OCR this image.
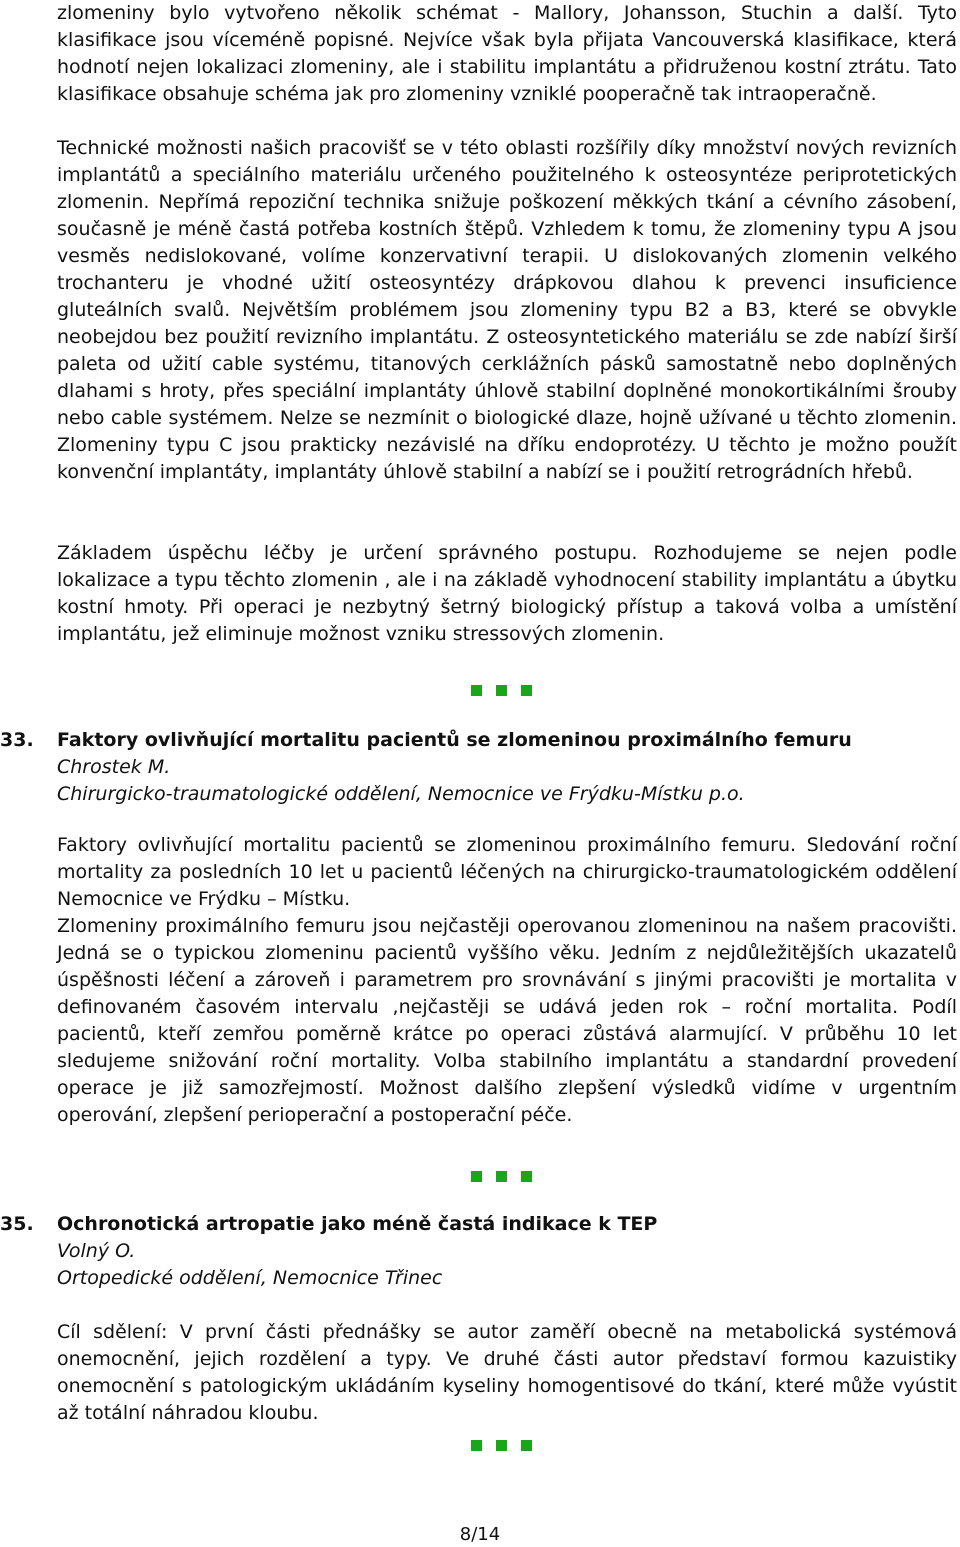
zlomeniny bylo vytvořeno několik schémat - Mallory, Johansson, Stuchin a další. Tyto klasifikace jsou víceméně popisné. Nejvíce však byla přijata Vancouverská klasifikace, která hodnotí nejen lokalizaci zlomeniny, ale i stabilitu implantátu a přidruženou kostní ztrátu. Tato klasifikace obsahuje schéma jak pro zlomeniny vzniklé pooperačně tak intraoperačně.
Technické možnosti našich pracovišť se v této oblasti rozšířily díky množství nových revizních implantátů a speciálního materiálu určeného použitelného k osteosyntéze periprotetických zlomenin. Nepřímá repoziční technika snižuje poškození měkkých tkání a cévního zásobení, současně je méně častá potřeba kostních štěpů. Vzhledem k tomu, že zlomeniny typu A jsou vesměs nedislokované, volíme konzervativní terapii. U dislokovaných zlomenin velkého trochanteru je vhodné užití osteosyntézy drápkovou dlahou k prevenci insuficience gluteálních svalů. Největším problémem jsou zlomeniny typu B2 a B3, které se obvykle neobejdou bez použití revizního implantátu. Z osteosyntetického materiálu se zde nabízí širší paleta od užití cable systému, titanových cerklážních pásků samostatně nebo doplněných dlahami s hroty, přes speciální implantáty úhlově stabilní doplněné monokortikálními šrouby nebo cable systémem. Nelze se nezmínit o biologické dlaze, hojně užívané u těchto zlomenin. Zlomeniny typu C jsou prakticky nezávislé na dříku endoprotézy. U těchto je možno použít konvenční implantáty, implantáty úhlově stabilní a nabízí se i použití retrográdních hřebů.
Základem úspěchu léčby je určení správného postupu. Rozhodujeme se nejen podle lokalizace a typu těchto zlomenin , ale i na základě vyhodnocení stability implantátu a úbytku kostní hmoty. Při operaci je nezbytný šetrný biologický přístup a taková volba a umístění implantátu, jež eliminuje možnost vzniku stressových zlomenin.
33. Faktory ovlivňující mortalitu pacientů se zlomeninou proximálního femuru
Chrostek M.
Chirurgicko-traumatologické oddělení, Nemocnice ve Frýdku-Místku p.o.
Faktory ovlivňující mortalitu pacientů se zlomeninou proximálního femuru. Sledování roční mortality za posledních 10 let u pacientů léčených na chirurgicko-traumatologickém oddělení Nemocnice ve Frýdku – Místku.
Zlomeniny proximálního femuru jsou nejčastěji operovanou zlomeninou na našem pracovišti. Jedná se o typickou zlomeninu pacientů vyššího věku. Jedním z nejdůležitějších ukazatelů úspěšnosti léčení a zároveň i parametrem pro srovnávání s jinými pracovišti je mortalita v definovaném časovém intervalu ,nejčastěji se udává jeden rok – roční mortalita. Podíl pacientů, kteří zemřou poměrně krátce po operaci zůstává alarmující. V průběhu 10 let sledujeme snižování roční mortality. Volba stabilního implantátu a standardní provedení operace je již samozřejmostí. Možnost dalšího zlepšení výsledků vidíme v urgentním operování, zlepšení perioperační a postoperační péče.
35. Ochronotická artropatie jako méně častá indikace k TEP
Volný O.
Ortopedické oddělení, Nemocnice Třinec
Cíl sdělení: V první části přednášky se autor zaměří obecně na metabolická systémová onemocnění, jejich rozdělení a typy. Ve druhé části autor představí formou kazuistiky onemocnění s patologickým ukládáním kyseliny homogentisové do tkání, které může vyústit až totální náhradou kloubu.
8/14
